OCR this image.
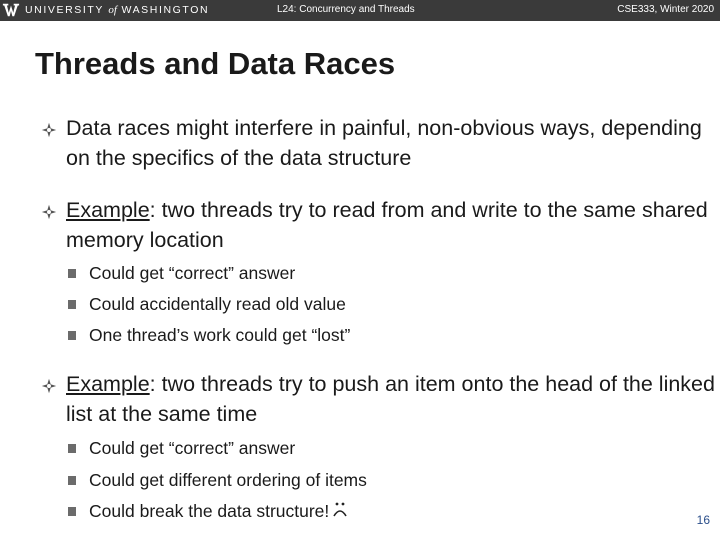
UNIVERSITY of WASHINGTON	L24: Concurrency and Threads	CSE333, Winter 2020
Threads and Data Races
Data races might interfere in painful, non-obvious ways, depending on the specifics of the data structure
Example: two threads try to read from and write to the same shared memory location
Could get “correct” answer
Could accidentally read old value
One thread’s work could get “lost”
Example: two threads try to push an item onto the head of the linked list at the same time
Could get “correct” answer
Could get different ordering of items
Could break the data structure!	16
